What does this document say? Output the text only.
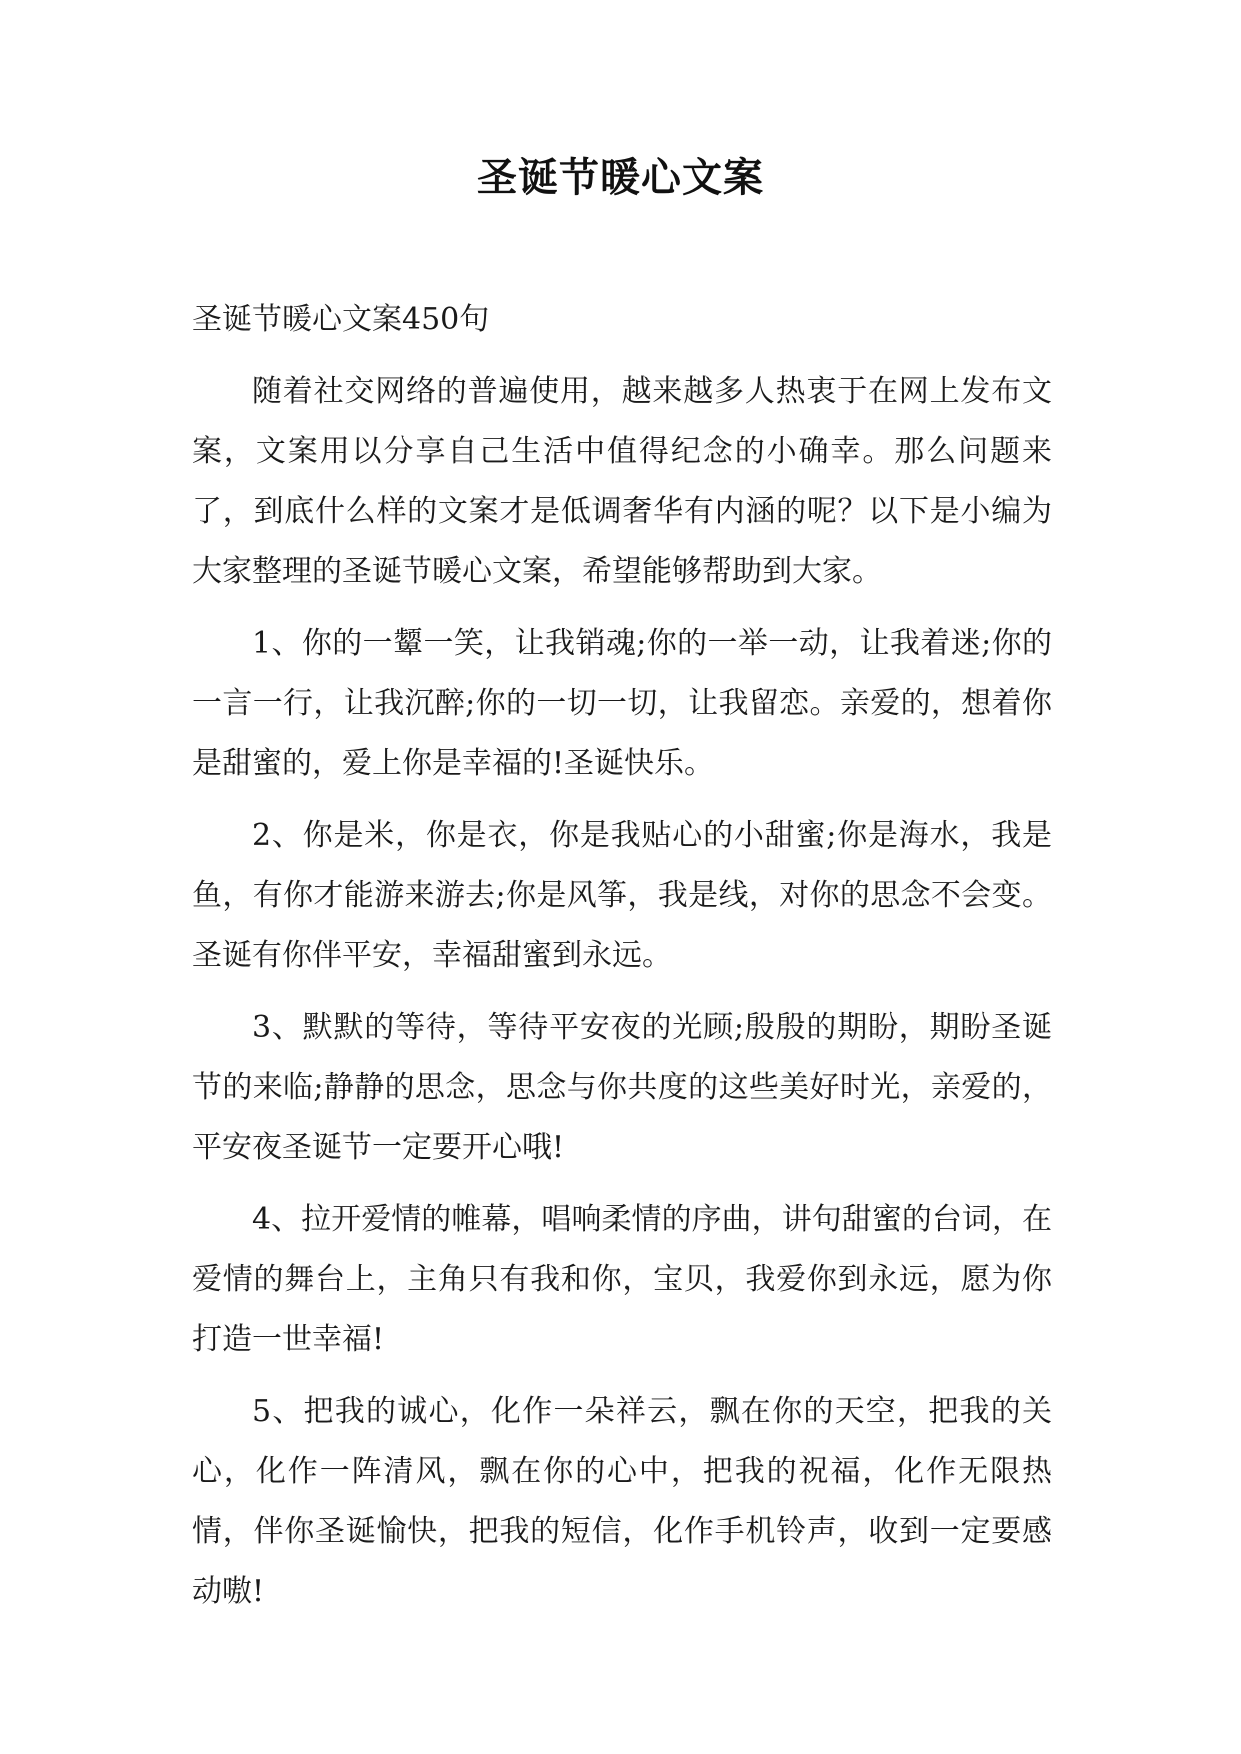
圣诞节暖心文案

圣诞节暖心文案450句

随着社交网络的普遍使用，越来越多人热衷于在网上发布文案，文案用以分享自己生活中值得纪念的小确幸。那么问题来了，到底什么样的文案才是低调奢华有内涵的呢？以下是小编为大家整理的圣诞节暖心文案，希望能够帮助到大家。

1、你的一颦一笑，让我销魂;你的一举一动，让我着迷;你的一言一行，让我沉醉;你的一切一切，让我留恋。亲爱的，想着你是甜蜜的，爱上你是幸福的!圣诞快乐。

2、你是米，你是衣，你是我贴心的小甜蜜;你是海水，我是鱼，有你才能游来游去;你是风筝，我是线，对你的思念不会变。圣诞有你伴平安，幸福甜蜜到永远。

3、默默的等待，等待平安夜的光顾;殷殷的期盼，期盼圣诞节的来临;静静的思念，思念与你共度的这些美好时光，亲爱的，平安夜圣诞节一定要开心哦!

4、拉开爱情的帷幕，唱响柔情的序曲，讲句甜蜜的台词，在爱情的舞台上，主角只有我和你，宝贝，我爱你到永远，愿为你打造一世幸福!

5、把我的诚心，化作一朵祥云，飘在你的天空，把我的关心，化作一阵清风，飘在你的心中，把我的祝福，化作无限热情，伴你圣诞愉快，把我的短信，化作手机铃声，收到一定要感动嗷!
